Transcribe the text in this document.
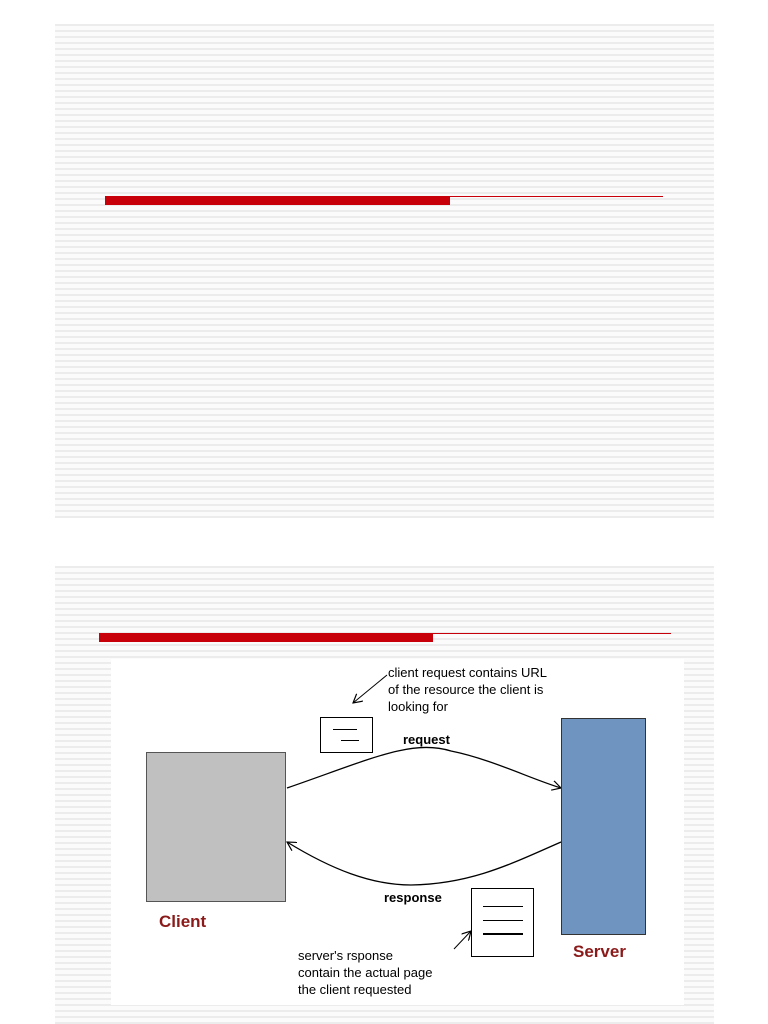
Client
Server
request
response
client request contains URL
of the resource the client is
looking for
server's rsponse
contain the actual page
the client requested
